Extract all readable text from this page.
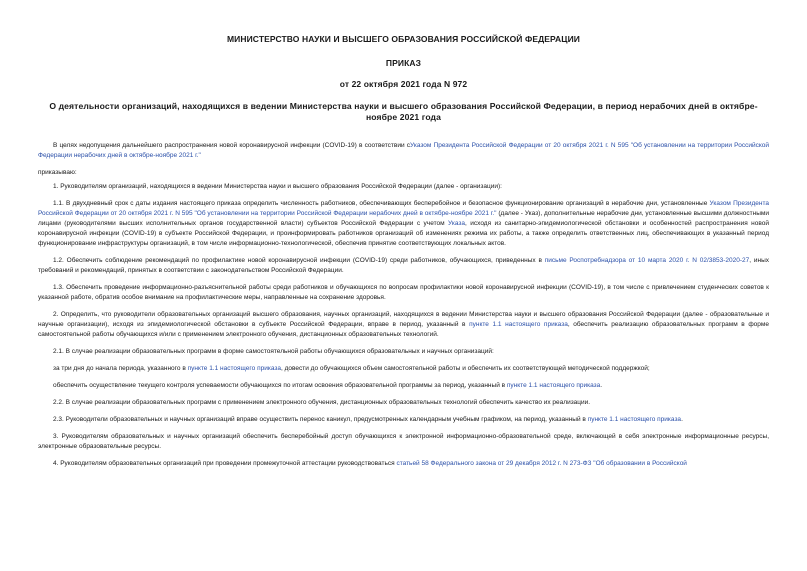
МИНИСТЕРСТВО НАУКИ И ВЫСШЕГО ОБРАЗОВАНИЯ РОССИЙСКОЙ ФЕДЕРАЦИИ
ПРИКАЗ
от 22 октября 2021 года N 972
О деятельности организаций, находящихся в ведении Министерства науки и высшего образования Российской Федерации, в период нерабочих дней в октябре-ноябре 2021 года

В целях недопущения дальнейшего распространения новой коронавирусной инфекции (COVID-19) в соответствии сУказом Президента Российской Федерации от 20 октября 2021 г. N 595 "Об установлении на территории Российской Федерации нерабочих дней в октябре-ноябре 2021 г."

приказываю:

1. Руководителям организаций, находящихся в ведении Министерства науки и высшего образования Российской Федерации (далее - организации):

1.1. В двухдневный срок с даты издания настоящего приказа определить численность работников, обеспечивающих бесперебойное и безопасное функционирование организаций в нерабочие дни, установленные Указом Президента Российской Федерации от 20 октября 2021 г. N 595 "Об установлении на территории Российской Федерации нерабочих дней в октябре-ноябре 2021 г." (далее - Указ), дополнительные нерабочие дни, установленные высшими должностными лицами (руководителями высших исполнительных органов государственной власти) субъектов Российской Федерации с учетом Указа, исходя из санитарно-эпидемиологической обстановки и особенностей распространения новой коронавирусной инфекции (COVID-19) в субъекте Российской Федерации, и проинформировать работников организаций об изменениях режима их работы, а также определить ответственных лиц, обеспечивающих в указанный период функционирование инфраструктуры организаций, в том числе информационно-технологической, обеспечив принятие соответствующих локальных актов.

1.2. Обеспечить соблюдение рекомендаций по профилактике новой коронавирусной инфекции (COVID-19) среди работников, обучающихся, приведенных в письме Роспотребнадзора от 10 марта 2020 г. N 02/3853-2020-27, иных требований и рекомендаций, принятых в соответствии с законодательством Российской Федерации.

1.3. Обеспечить проведение информационно-разъяснительной работы среди работников и обучающихся по вопросам профилактики новой коронавирусной инфекции (COVID-19), в том числе с привлечением студенческих советов к указанной работе, обратив особое внимание на профилактические меры, направленные на сохранение здоровья.

2. Определить, что руководители образовательных организаций высшего образования, научных организаций, находящихся в ведении Министерства науки и высшего образования Российской Федерации (далее - образовательные и научные организации), исходя из эпидемиологической обстановки в субъекте Российской Федерации, вправе в период, указанный в пункте 1.1 настоящего приказа, обеспечить реализацию образовательных программ в форме самостоятельной работы обучающихся и/или с применением электронного обучения, дистанционных образовательных технологий.

2.1. В случае реализации образовательных программ в форме самостоятельной работы обучающихся образовательных и научных организаций:

за три дня до начала периода, указанного в пункте 1.1 настоящего приказа, довести до обучающихся объем самостоятельной работы и обеспечить их соответствующей методической поддержкой;

обеспечить осуществление текущего контроля успеваемости обучающихся по итогам освоения образовательной программы за период, указанный в пункте 1.1 настоящего приказа.

2.2. В случае реализации образовательных программ с применением электронного обучения, дистанционных образовательных технологий обеспечить качество их реализации.

2.3. Руководители образовательных и научных организаций вправе осуществить перенос каникул, предусмотренных календарным учебным графиком, на период, указанный в пункте 1.1 настоящего приказа.

3. Руководителям образовательных и научных организаций обеспечить бесперебойный доступ обучающихся к электронной информационно-образовательной среде, включающей в себя электронные информационные ресурсы, электронные образовательные ресурсы.

4. Руководителям образовательных организаций при проведении промежуточной аттестации руководствоваться статьей 58 Федерального закона от 29 декабря 2012 г. N 273-ФЗ "Об образовании в Российской
